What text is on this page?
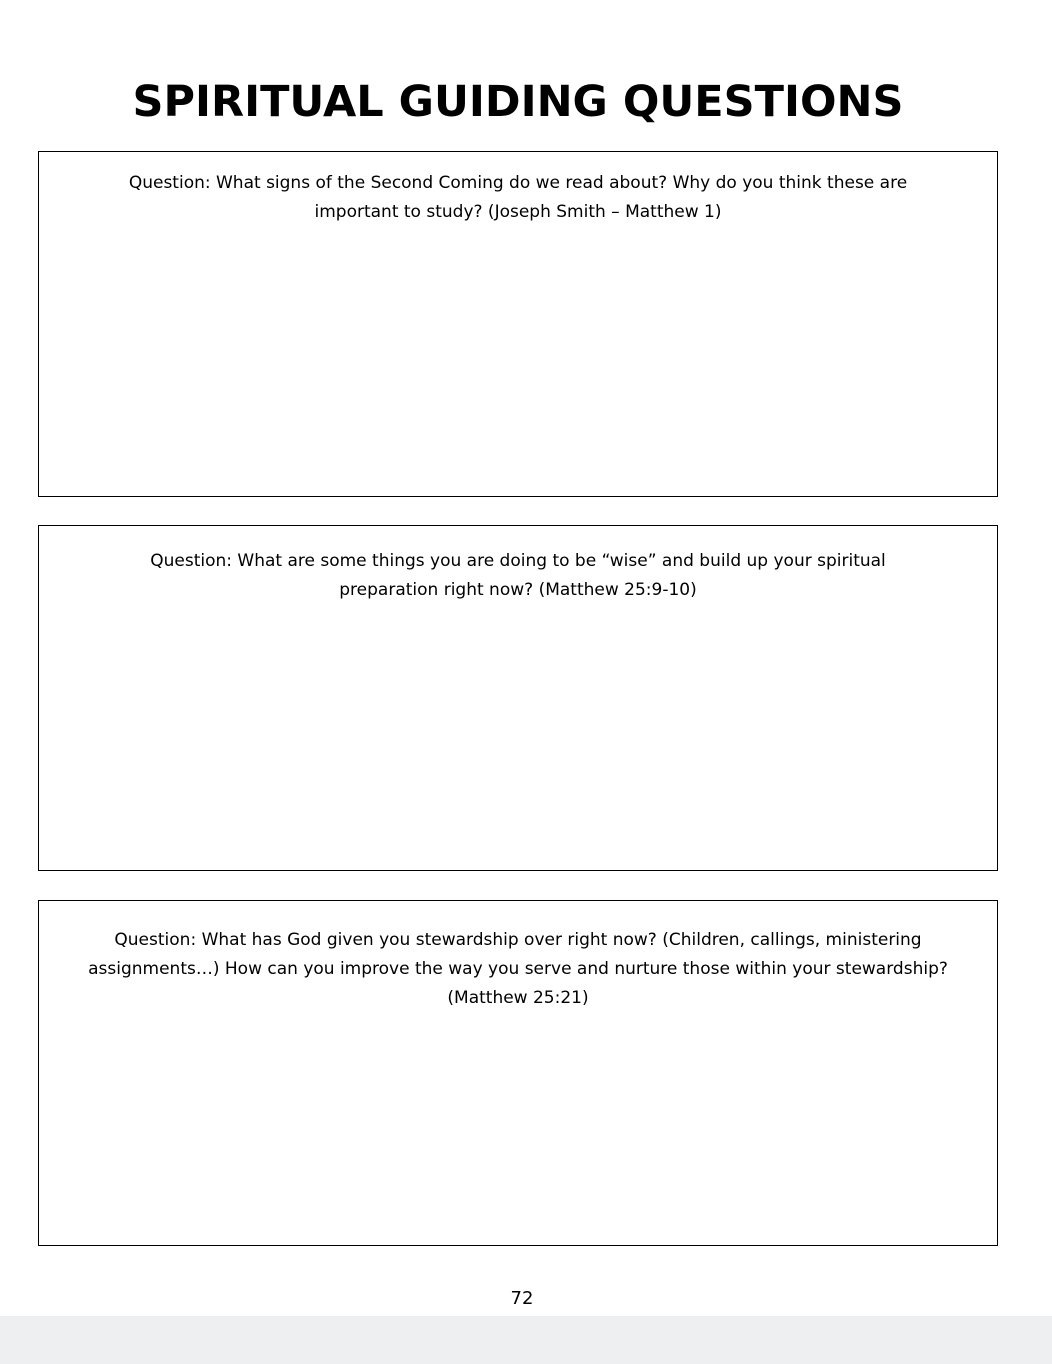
SPIRITUAL GUIDING QUESTIONS

Question: What signs of the Second Coming do we read about? Why do you think these are important to study? (Joseph Smith – Matthew 1)

Question: What are some things you are doing to be “wise” and build up your spiritual preparation right now? (Matthew 25:9-10)

Question: What has God given you stewardship over right now? (Children, callings, ministering assignments…) How can you improve the way you serve and nurture those within your stewardship? (Matthew 25:21)

72
